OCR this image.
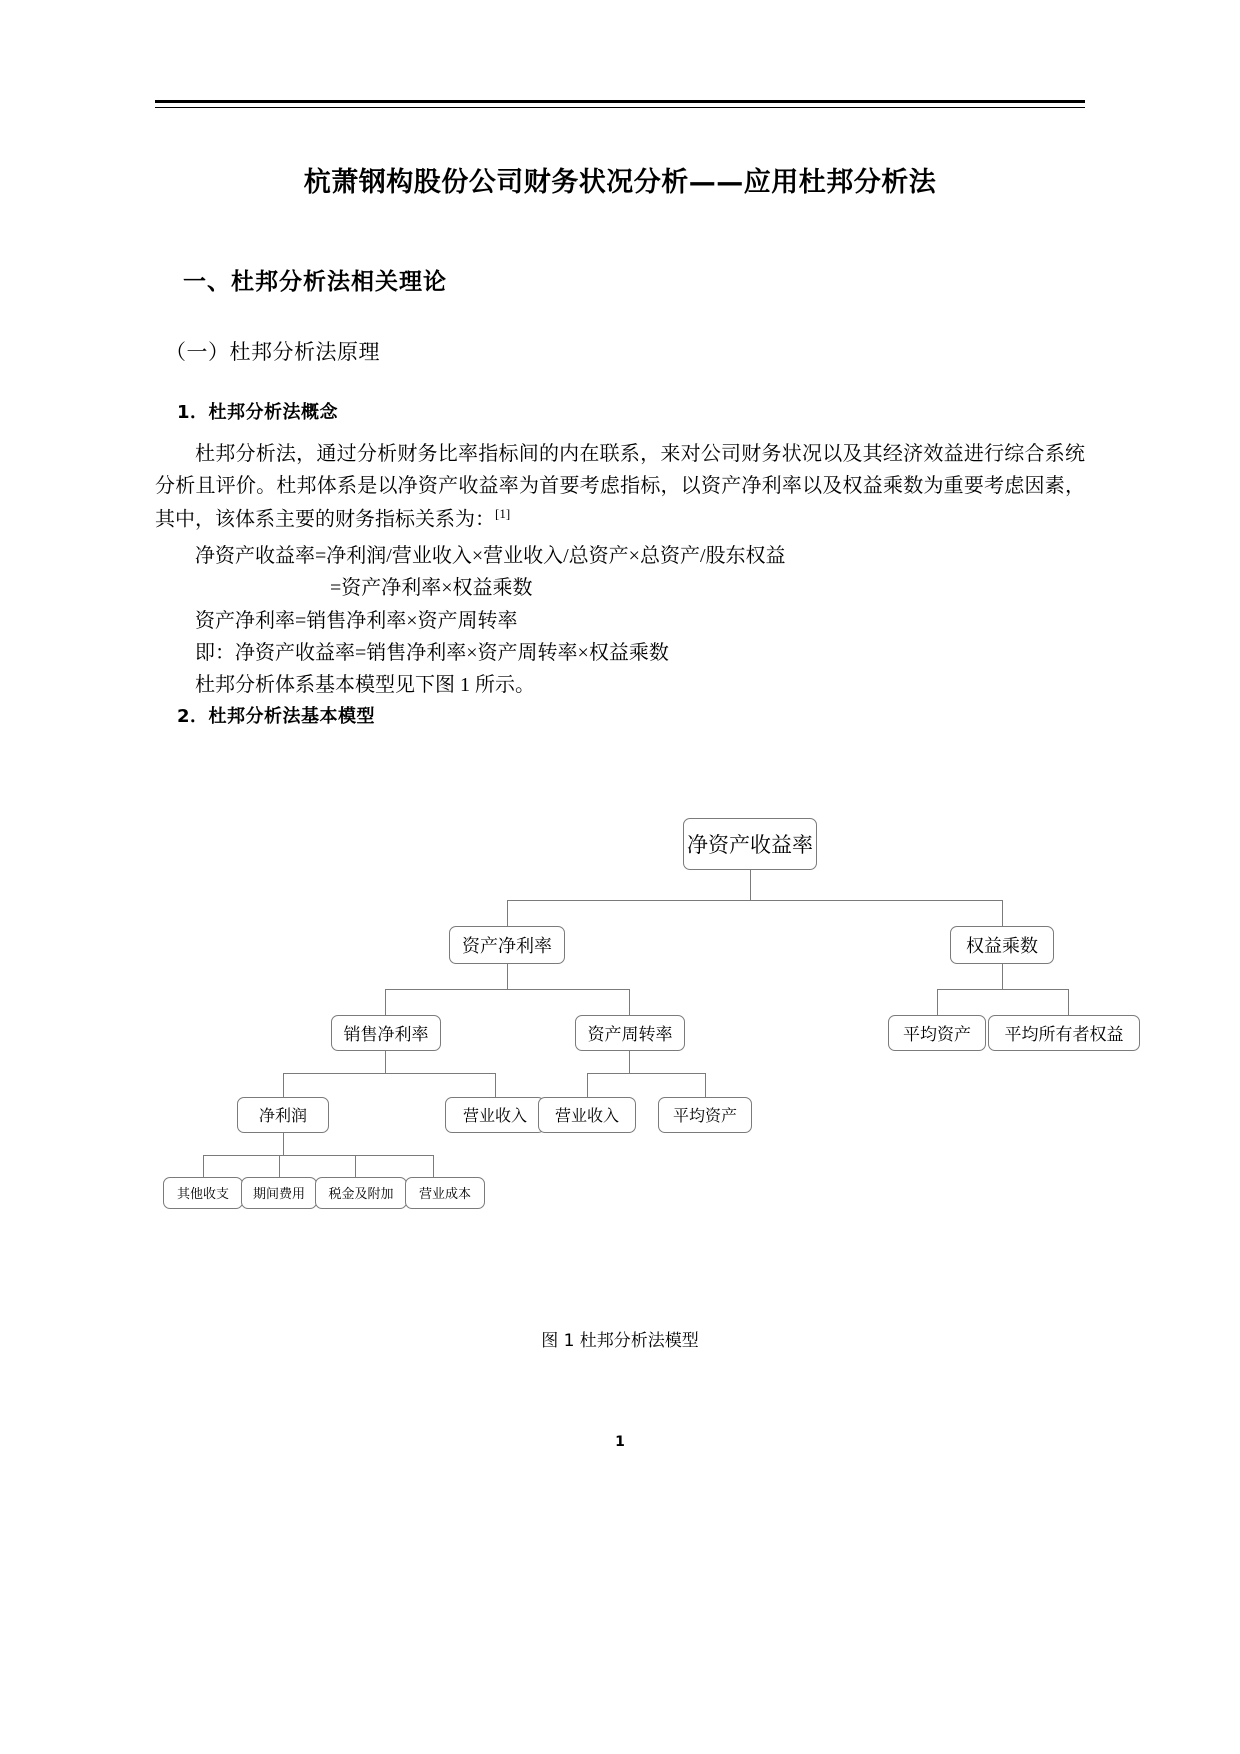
杭萧钢构股份公司财务状况分析——应用杜邦分析法
一、杜邦分析法相关理论
（一）杜邦分析法原理
1．杜邦分析法概念

杜邦分析法，通过分析财务比率指标间的内在联系，来对公司财务状况以及其经济效益进行综合系统分析且评价。杜邦体系是以净资产收益率为首要考虑指标，以资产净利率以及权益乘数为重要考虑因素，其中，该体系主要的财务指标关系为：[1]

净资产收益率=净利润/营业收入×营业收入/总资产×总资产/股东权益

=资产净利率×权益乘数

资产净利率=销售净利率×资产周转率

即：净资产收益率=销售净利率×资产周转率×权益乘数

杜邦分析体系基本模型见下图 1 所示。

2．杜邦分析法基本模型
净资产收益率
资产净利率	权益乘数
销售净利率	资产周转率	平均资产	平均所有者权益
净利润	营业收入	营业收入	平均资产
其他收支	期间费用	税金及附加	营业成本
图 1 杜邦分析法模型
1
